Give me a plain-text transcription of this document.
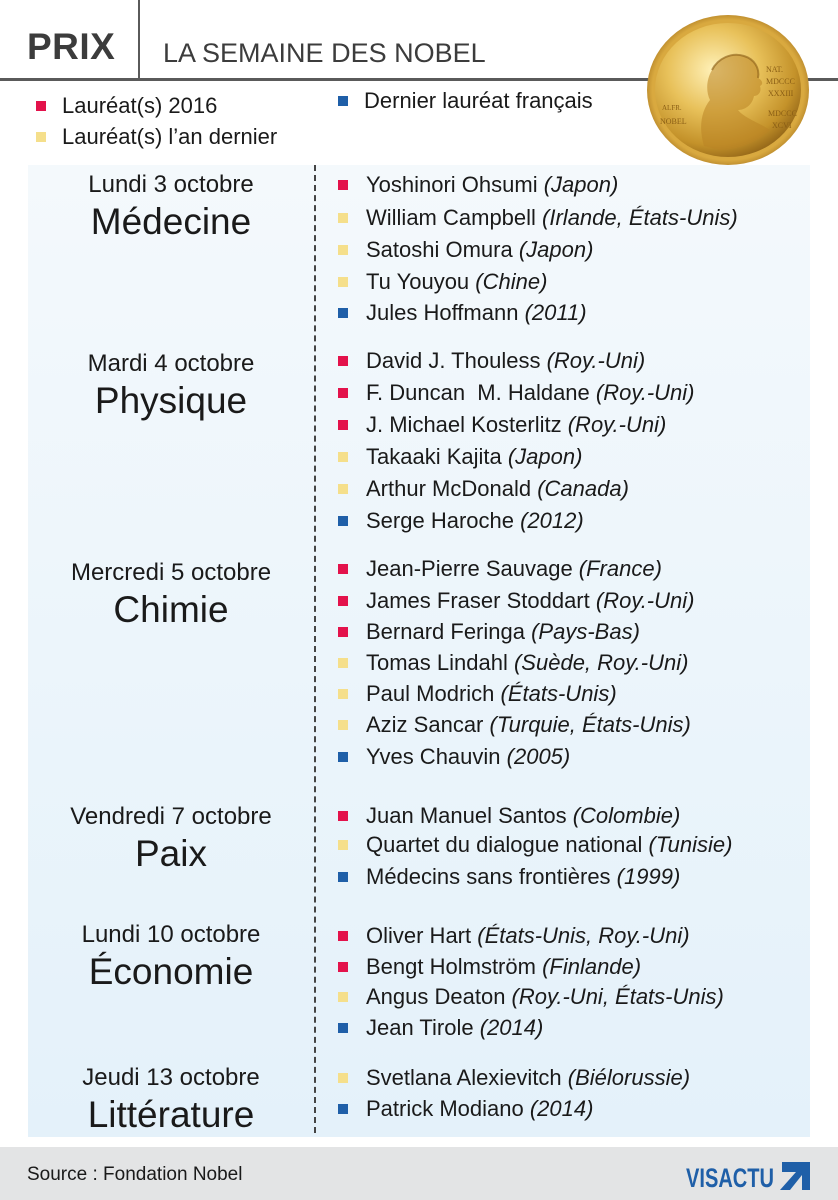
PRIX LA SEMAINE DES NOBEL
Lauréat(s) 2016
Lauréat(s) l’an dernier
Dernier lauréat français
NAT.
MDCCC
XXXIII
MDCCC
XCVI
ALFR.
NOBEL
Lundi 3 octobre
Médecine
Yoshinori Ohsumi (Japon)
William Campbell (Irlande, États-Unis)
Satoshi Omura (Japon)
Tu Youyou (Chine)
Jules Hoffmann (2011)
Mardi 4 octobre
Physique
David J. Thouless (Roy.-Uni)
F. Duncan  M. Haldane (Roy.-Uni)
J. Michael Kosterlitz (Roy.-Uni)
Takaaki Kajita (Japon)
Arthur McDonald (Canada)
Serge Haroche (2012)
Mercredi 5 octobre
Chimie
Jean-Pierre Sauvage (France)
James Fraser Stoddart (Roy.-Uni)
Bernard Feringa (Pays-Bas)
Tomas Lindahl (Suède, Roy.-Uni)
Paul Modrich (États-Unis)
Aziz Sancar (Turquie, États-Unis)
Yves Chauvin (2005)
Vendredi 7 octobre
Paix
Juan Manuel Santos (Colombie)
Quartet du dialogue national (Tunisie)
Médecins sans frontières (1999)
Lundi 10 octobre
Économie
Oliver Hart (États-Unis, Roy.-Uni)
Bengt Holmström (Finlande)
Angus Deaton (Roy.-Uni, États-Unis)
Jean Tirole (2014)
Jeudi 13 octobre
Littérature
Svetlana Alexievitch (Biélorussie)
Patrick Modiano (2014)
Source : Fondation Nobel	VISACTU
